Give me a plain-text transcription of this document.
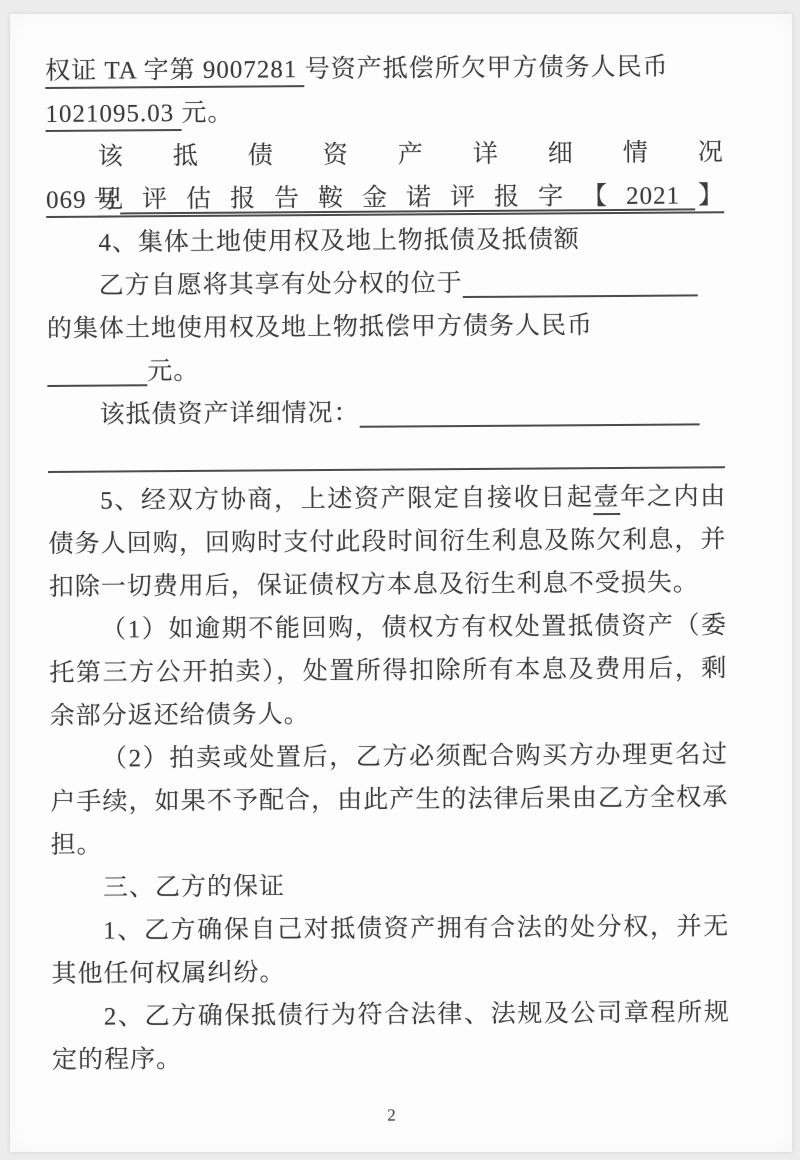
权证 TA 字第 9007281 号资产抵偿所欠甲方债务人民币
1021095.03 元。
该抵债资产详细情况见评估报告鞍金诺评报字【2021】
069 号
4、集体土地使用权及地上物抵债及抵债额
乙方自愿将其享有处分权的位于
的集体土地使用权及地上物抵偿甲方债务人民币
元。
该抵债资产详细情况：
5、经双方协商，上述资产限定自接收日起壹年之内由
债务人回购，回购时支付此段时间衍生利息及陈欠利息，并
扣除一切费用后，保证债权方本息及衍生利息不受损失。
（1）如逾期不能回购，债权方有权处置抵债资产（委
托第三方公开拍卖），处置所得扣除所有本息及费用后，剩
余部分返还给债务人。
（2）拍卖或处置后，乙方必须配合购买方办理更名过
户手续，如果不予配合，由此产生的法律后果由乙方全权承
担。
三、乙方的保证
1、乙方确保自己对抵债资产拥有合法的处分权，并无
其他任何权属纠纷。
2、乙方确保抵债行为符合法律、法规及公司章程所规
定的程序。
2
